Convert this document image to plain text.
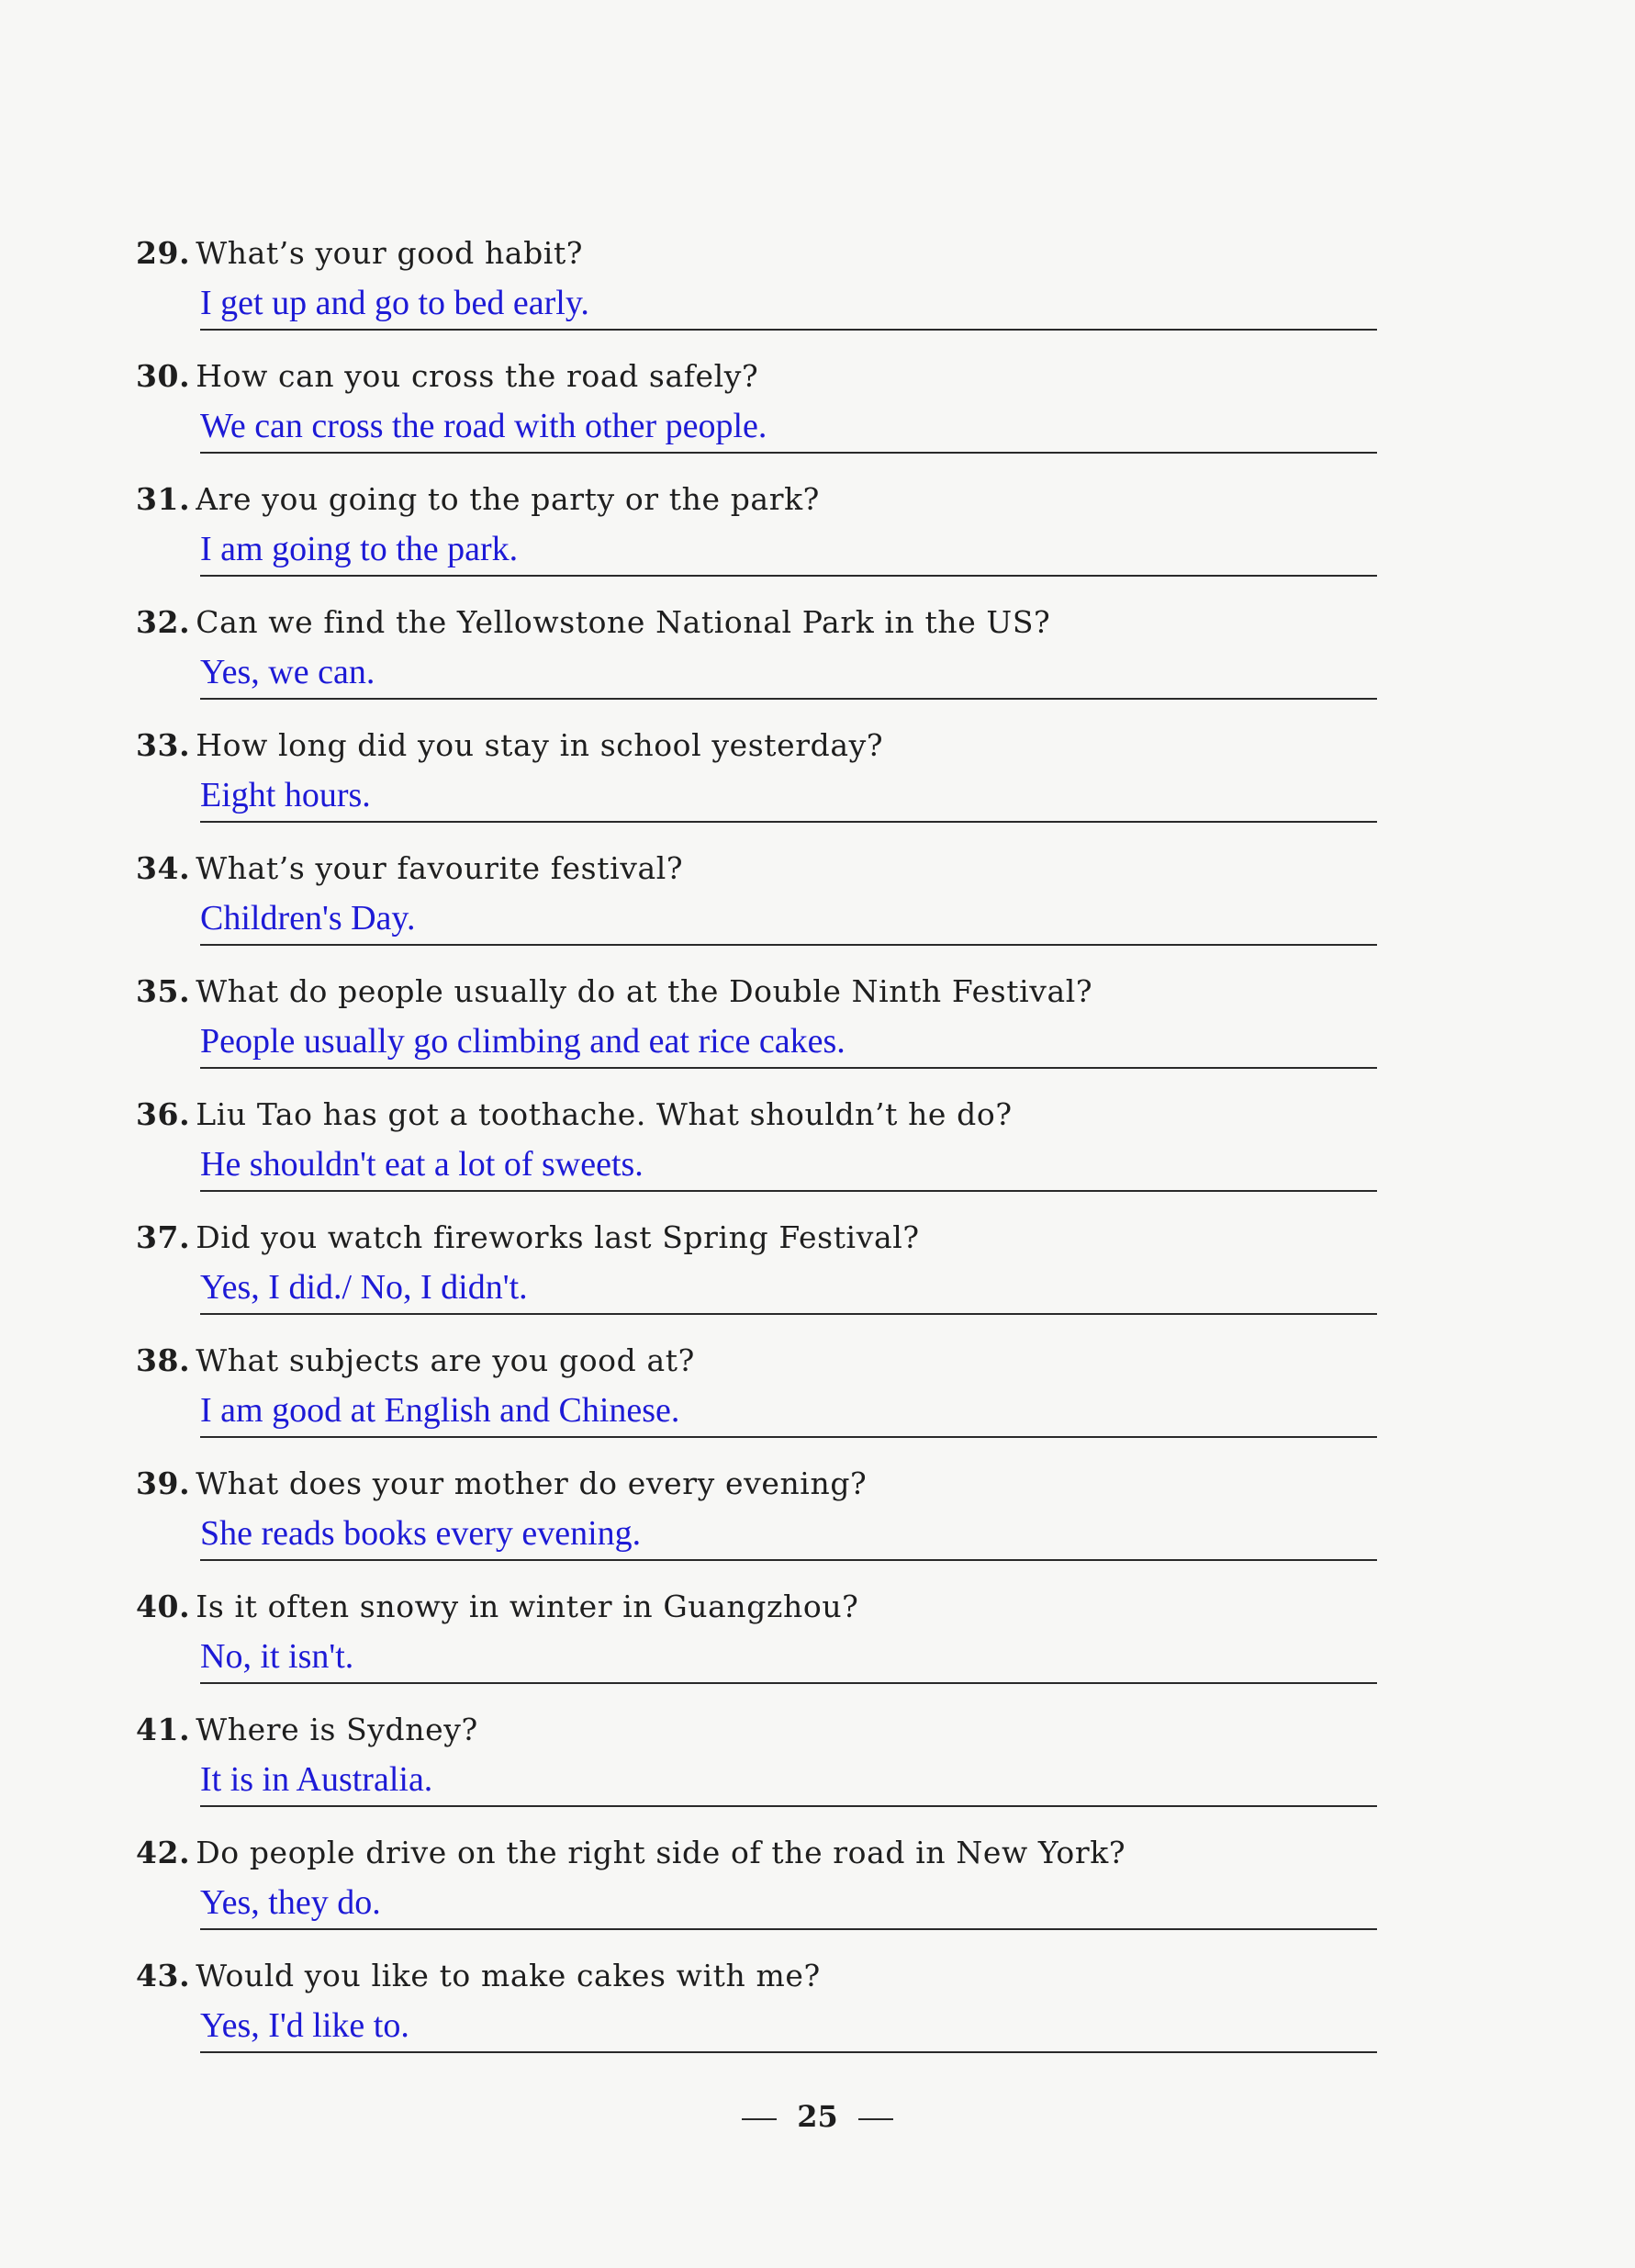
29. What’s your good habit?
I get up and go to bed early.
30. How can you cross the road safely?
We can cross the road with other people.
31. Are you going to the party or the park?
I am going to the park.
32. Can we find the Yellowstone National Park in the US?
Yes, we can.
33. How long did you stay in school yesterday?
Eight hours.
34. What’s your favourite festival?
Children's Day.
35. What do people usually do at the Double Ninth Festival?
People usually go climbing and eat rice cakes.
36. Liu Tao has got a toothache. What shouldn’t he do?
He shouldn't eat a lot of sweets.
37. Did you watch fireworks last Spring Festival?
Yes, I did./ No, I didn't.
38. What subjects are you good at?
I am good at English and Chinese.
39. What does your mother do every evening?
She reads books every evening.
40. Is it often snowy in winter in Guangzhou?
No, it isn't.
41. Where is Sydney?
It is in Australia.
42. Do people drive on the right side of the road in New York?
Yes, they do.
43. Would you like to make cakes with me?
Yes, I'd like to.
25
